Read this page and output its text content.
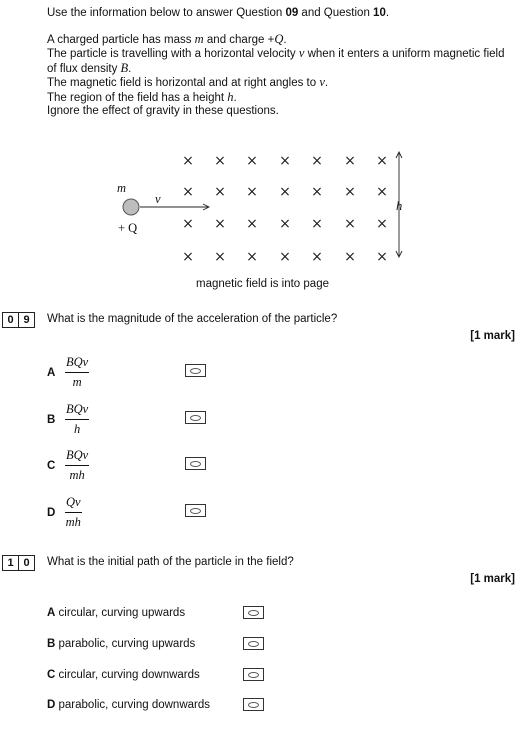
Use the information below to answer Question 09 and Question 10.

A charged particle has mass m and charge +Q.

The particle is travelling with a horizontal velocity v when it enters a uniform magnetic field

of flux density B.

The magnetic field is horizontal and at right angles to v.

The region of the field has a height h.

Ignore the effect of gravity in these questions.

× × × × × × ×
× × × × × × ×
× × × × × × ×
× × × × × × ×
m
+ Q
v	h
magnetic field is into page
0 9	What is the magnitude of the acceleration of the particle?
[1 mark]
A $\frac{\text{BQv}}{m}$
B $\frac{\text{BQv}}{h}$
C $\frac{\text{BQv}}{mh}$
D $\frac{Qv}{mh}$
1 0	What is the initial path of the particle in the field?
[1 mark]
A circular, curving upwards
B parabolic, curving upwards
C circular, curving downwards
D parabolic, curving downwards
